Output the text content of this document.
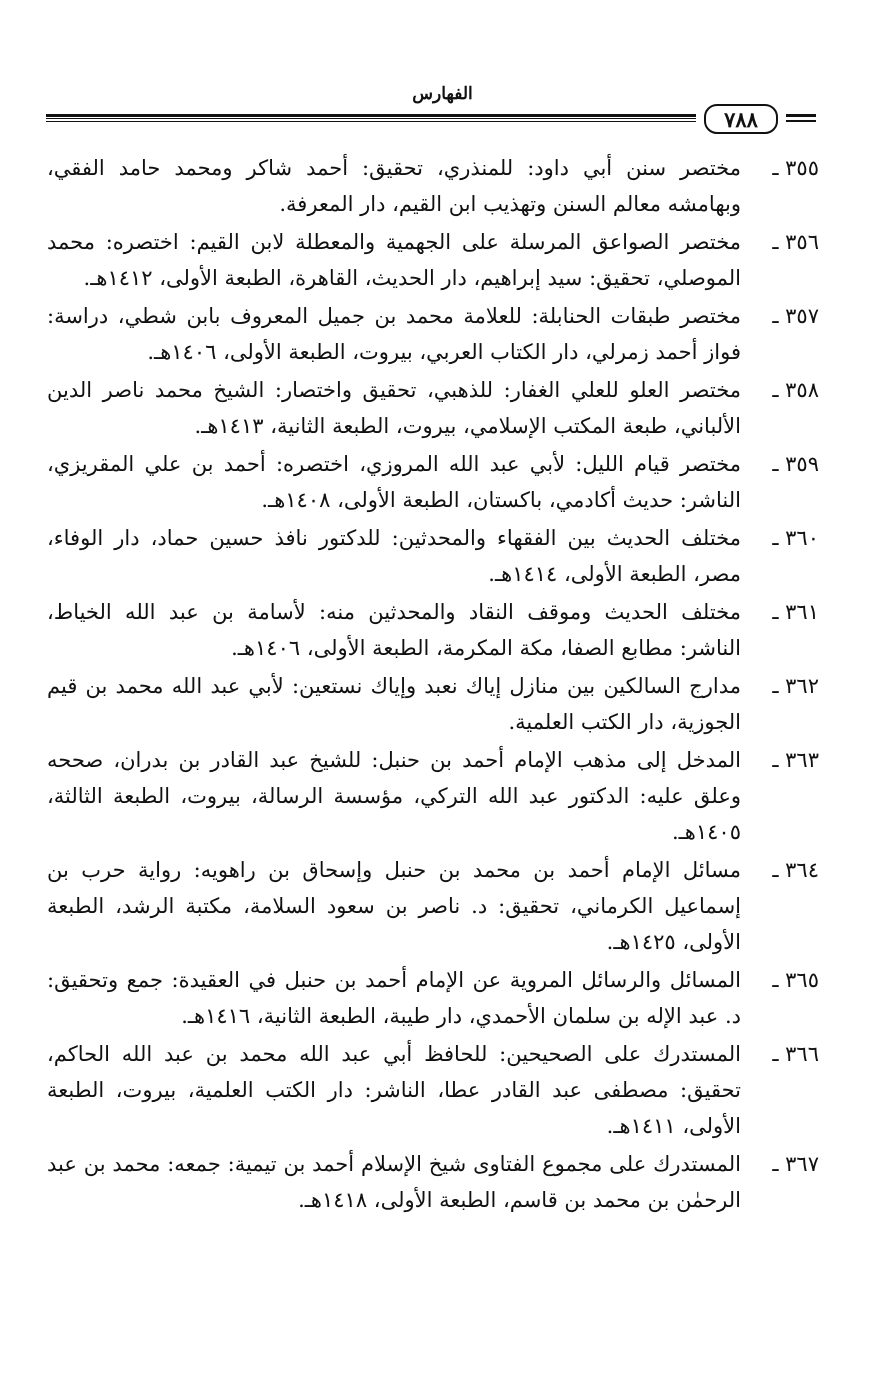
الفهارس
٧٨٨
٣٥٥ ـ
مختصر سنن أبي داود: للمنذري، تحقيق: أحمد شاكر ومحمد حامد الفقي، وبهامشه معالم السنن وتهذيب ابن القيم، دار المعرفة.
٣٥٦ ـ
مختصر الصواعق المرسلة على الجهمية والمعطلة لابن القيم: اختصره: محمد الموصلي، تحقيق: سيد إبراهيم، دار الحديث، القاهرة، الطبعة الأولى، ١٤١٢هـ.
٣٥٧ ـ
مختصر طبقات الحنابلة: للعلامة محمد بن جميل المعروف بابن شطي، دراسة: فواز أحمد زمرلي، دار الكتاب العربي، بيروت، الطبعة الأولى، ١٤٠٦هـ.
٣٥٨ ـ
مختصر العلو للعلي الغفار: للذهبي، تحقيق واختصار: الشيخ محمد ناصر الدين الألباني، طبعة المكتب الإسلامي، بيروت، الطبعة الثانية، ١٤١٣هـ.
٣٥٩ ـ
مختصر قيام الليل: لأبي عبد الله المروزي، اختصره: أحمد بن علي المقريزي، الناشر: حديث أكادمي، باكستان، الطبعة الأولى، ١٤٠٨هـ.
٣٦٠ ـ
مختلف الحديث بين الفقهاء والمحدثين: للدكتور نافذ حسين حماد، دار الوفاء، مصر، الطبعة الأولى، ١٤١٤هـ.
٣٦١ ـ
مختلف الحديث وموقف النقاد والمحدثين منه: لأسامة بن عبد الله الخياط، الناشر: مطابع الصفا، مكة المكرمة، الطبعة الأولى، ١٤٠٦هـ.
٣٦٢ ـ
مدارج السالكين بين منازل إياك نعبد وإياك نستعين: لأبي عبد الله محمد بن قيم الجوزية، دار الكتب العلمية.
٣٦٣ ـ
المدخل إلى مذهب الإمام أحمد بن حنبل: للشيخ عبد القادر بن بدران، صححه وعلق عليه: الدكتور عبد الله التركي، مؤسسة الرسالة، بيروت، الطبعة الثالثة، ١٤٠٥هـ.
٣٦٤ ـ
مسائل الإمام أحمد بن محمد بن حنبل وإسحاق بن راهويه: رواية حرب بن إسماعيل الكرماني، تحقيق: د. ناصر بن سعود السلامة، مكتبة الرشد، الطبعة الأولى، ١٤٢٥هـ.
٣٦٥ ـ
المسائل والرسائل المروية عن الإمام أحمد بن حنبل في العقيدة: جمع وتحقيق: د. عبد الإله بن سلمان الأحمدي، دار طيبة، الطبعة الثانية، ١٤١٦هـ.
٣٦٦ ـ
المستدرك على الصحيحين: للحافظ أبي عبد الله محمد بن عبد الله الحاكم، تحقيق: مصطفى عبد القادر عطا، الناشر: دار الكتب العلمية، بيروت، الطبعة الأولى، ١٤١١هـ.
٣٦٧ ـ
المستدرك على مجموع الفتاوى شيخ الإسلام أحمد بن تيمية: جمعه: محمد بن عبد الرحمٰن بن محمد بن قاسم، الطبعة الأولى، ١٤١٨هـ.
